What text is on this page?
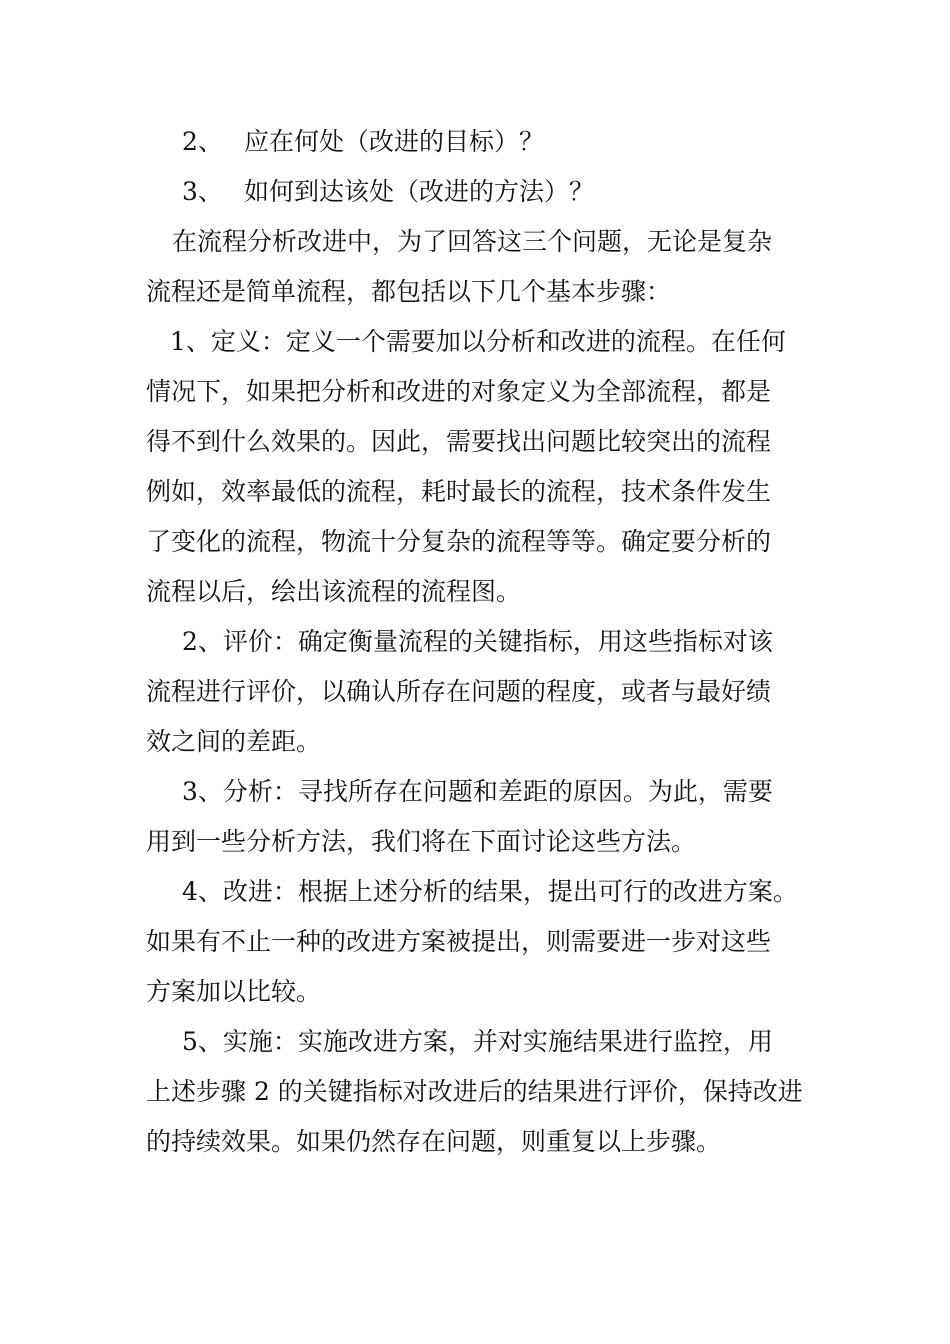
2、 应在何处（改进的目标）？
3、 如何到达该处（改进的方法）？
在流程分析改进中，为了回答这三个问题，无论是复杂
流程还是简单流程，都包括以下几个基本步骤：
1、定义：定义一个需要加以分析和改进的流程。在任何
情况下，如果把分析和改进的对象定义为全部流程，都是
得不到什么效果的。因此，需要找出问题比较突出的流程
例如，效率最低的流程，耗时最长的流程，技术条件发生
了变化的流程，物流十分复杂的流程等等。确定要分析的
流程以后，绘出该流程的流程图。
2、评价：确定衡量流程的关键指标，用这些指标对该
流程进行评价，以确认所存在问题的程度，或者与最好绩
效之间的差距。
3、分析：寻找所存在问题和差距的原因。为此，需要
用到一些分析方法，我们将在下面讨论这些方法。
4、改进：根据上述分析的结果，提出可行的改进方案。
如果有不止一种的改进方案被提出，则需要进一步对这些
方案加以比较。
5、实施：实施改进方案，并对实施结果进行监控，用
上述步骤 2 的关键指标对改进后的结果进行评价，保持改进
的持续效果。如果仍然存在问题，则重复以上步骤。
